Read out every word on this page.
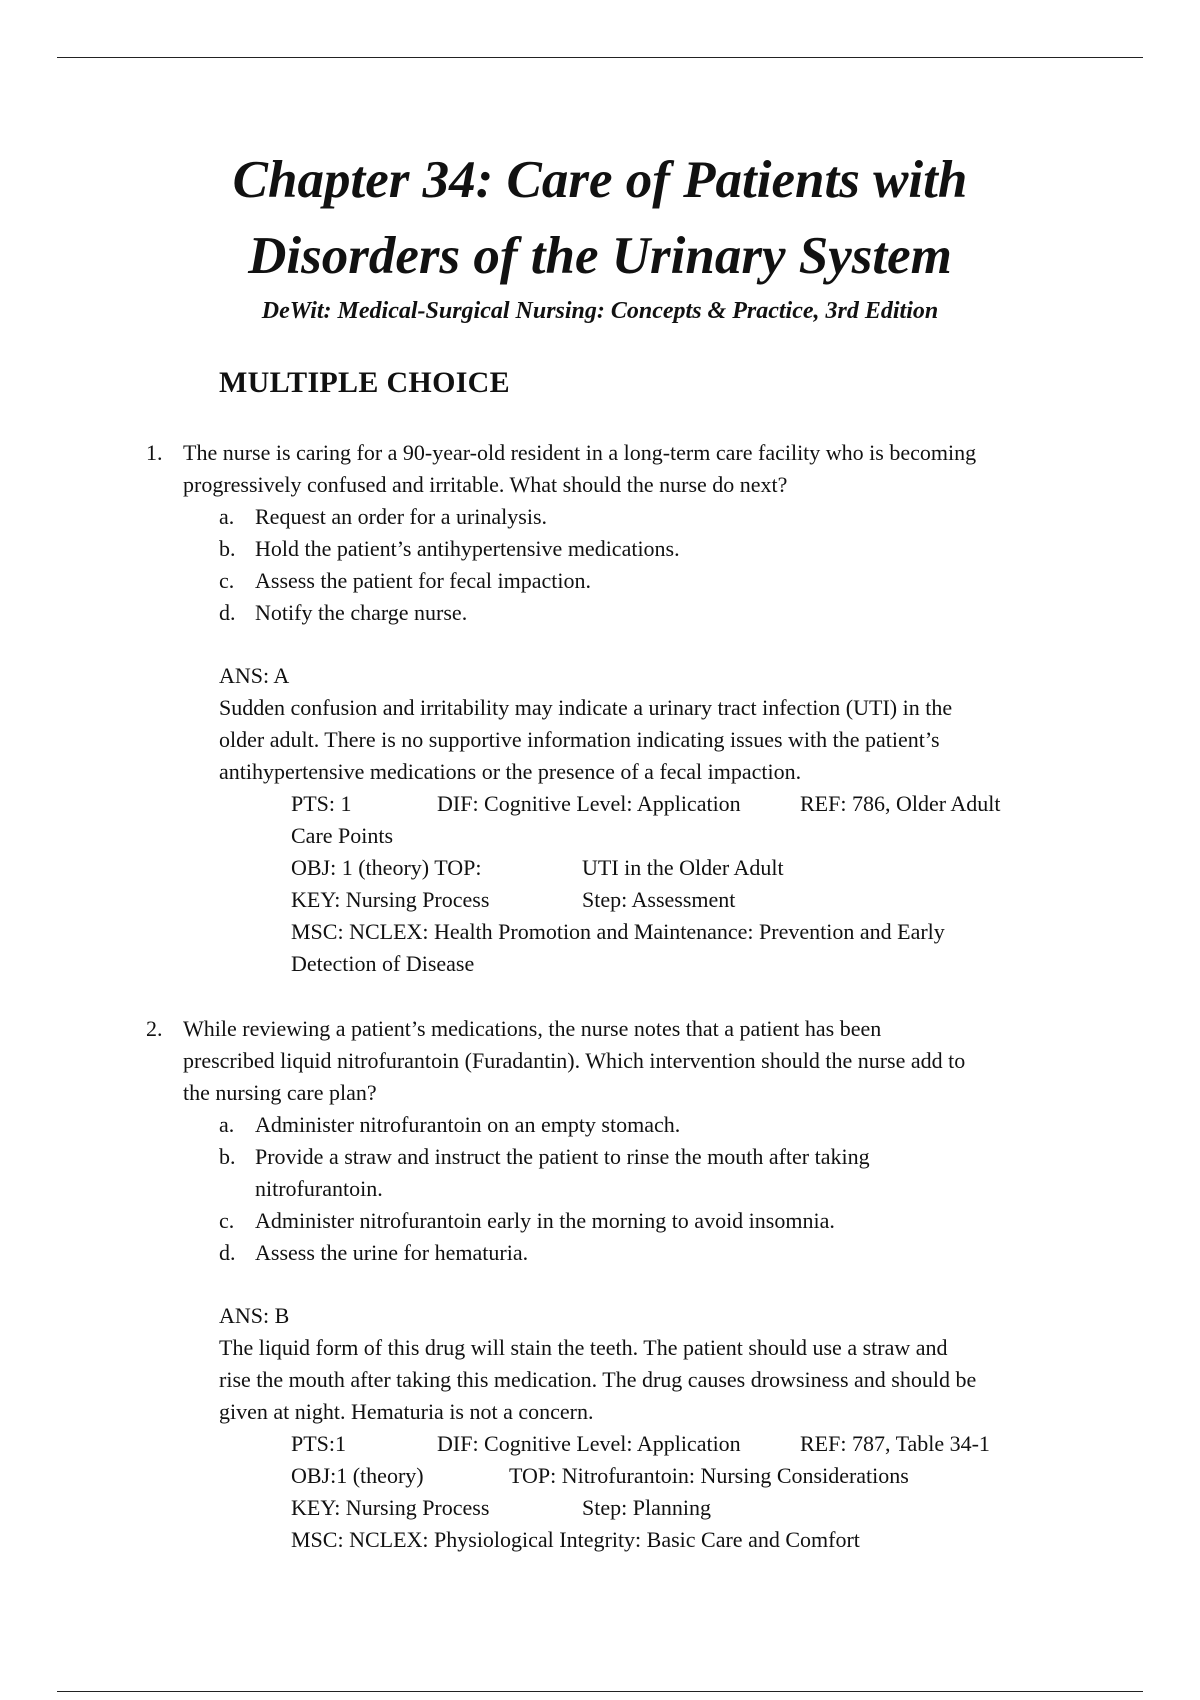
Chapter 34: Care of Patients with
Disorders of the Urinary System
DeWit: Medical-Surgical Nursing: Concepts & Practice, 3rd Edition
MULTIPLE CHOICE
1. The nurse is caring for a 90-year-old resident in a long-term care facility who is becoming
progressively confused and irritable. What should the nurse do next?
a. Request an order for a urinalysis.
b. Hold the patient’s antihypertensive medications.
c. Assess the patient for fecal impaction.
d. Notify the charge nurse.
ANS: A
Sudden confusion and irritability may indicate a urinary tract infection (UTI) in the
older adult. There is no supportive information indicating issues with the patient’s
antihypertensive medications or the presence of a fecal impaction.
PTS: 1	DIF: Cognitive Level: Application	REF: 786, Older Adult
Care Points
OBJ: 1 (theory) TOP:	UTI in the Older Adult
KEY: Nursing Process	Step: Assessment
MSC: NCLEX: Health Promotion and Maintenance: Prevention and Early
Detection of Disease
2. While reviewing a patient’s medications, the nurse notes that a patient has been
prescribed liquid nitrofurantoin (Furadantin). Which intervention should the nurse add to
the nursing care plan?
a. Administer nitrofurantoin on an empty stomach.
b. Provide a straw and instruct the patient to rinse the mouth after taking
nitrofurantoin.
c. Administer nitrofurantoin early in the morning to avoid insomnia.
d. Assess the urine for hematuria.
ANS: B
The liquid form of this drug will stain the teeth. The patient should use a straw and
rise the mouth after taking this medication. The drug causes drowsiness and should be
given at night. Hematuria is not a concern.
PTS:1	DIF: Cognitive Level: Application	REF: 787, Table 34-1
OBJ:1 (theory)	TOP: Nitrofurantoin: Nursing Considerations
KEY: Nursing Process	Step: Planning
MSC: NCLEX: Physiological Integrity: Basic Care and Comfort
